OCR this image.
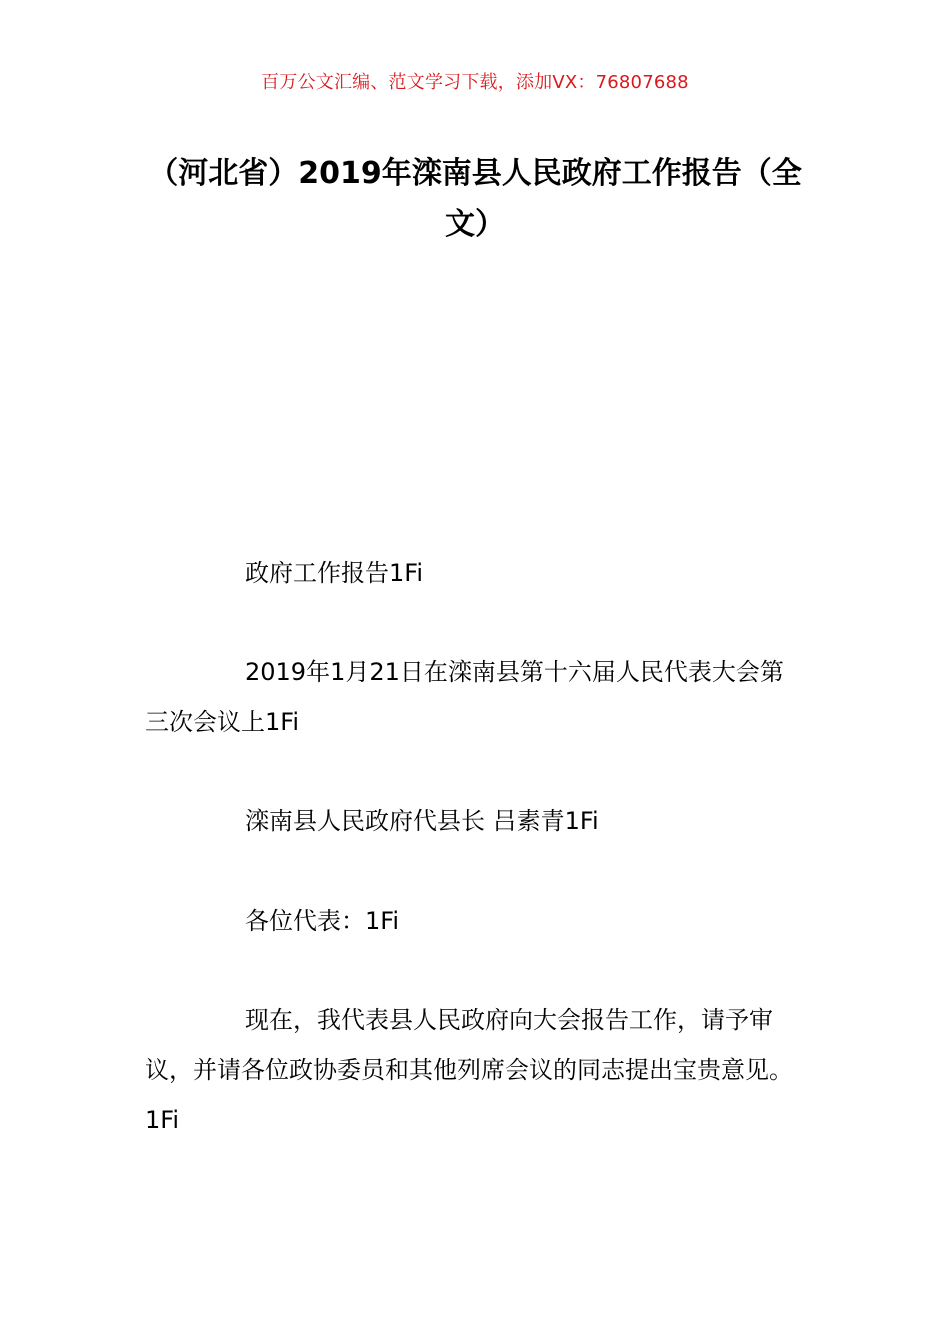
百万公文汇编、范文学习下载，添加VX：76807688
（河北省）2019年滦南县人民政府工作报告（全文）

政府工作报告1Fi

2019年1月21日在滦南县第十六届人民代表大会第三次会议上1Fi

滦南县人民政府代县长 吕素青1Fi

各位代表：1Fi

现在，我代表县人民政府向大会报告工作，请予审议，并请各位政协委员和其他列席会议的同志提出宝贵意见。1Fi
